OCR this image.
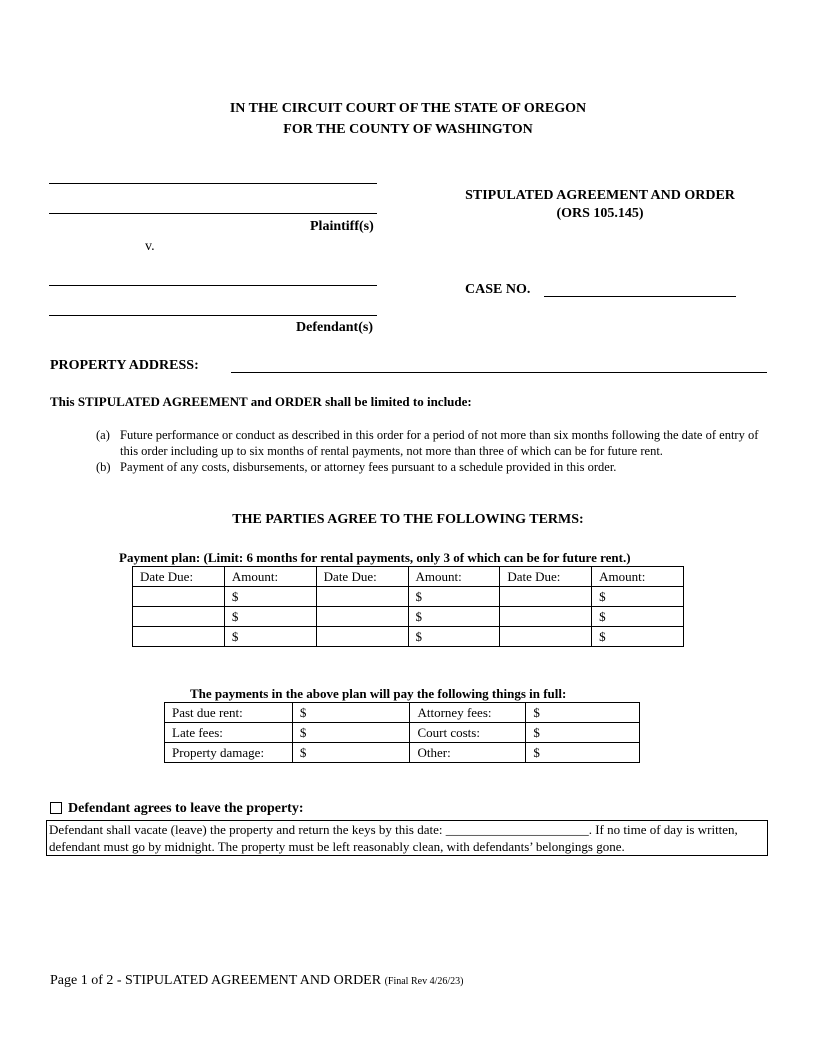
IN THE CIRCUIT COURT OF THE STATE OF OREGON
FOR THE COUNTY OF WASHINGTON
Plaintiff(s)
v.
Defendant(s)
STIPULATED AGREEMENT AND ORDER
(ORS 105.145)
CASE NO.
PROPERTY ADDRESS:
This STIPULATED AGREEMENT and ORDER shall be limited to include:
(a) Future performance or conduct as described in this order for a period of not more than six months following the date of entry of this order including up to six months of rental payments, not more than three of which can be for future rent.
(b) Payment of any costs, disbursements, or attorney fees pursuant to a schedule provided in this order.
THE PARTIES AGREE TO THE FOLLOWING TERMS:
Payment plan: (Limit: 6 months for rental payments, only 3 of which can be for future rent.)
Date Due:	Amount:	Date Due:	Amount:	Date Due:	Amount:
	$		$		$
	$		$		$
	$		$		$
The payments in the above plan will pay the following things in full:
Past due rent:	$	Attorney fees:	$
Late fees:	$	Court costs:	$
Property damage:	$	Other:	$
Defendant agrees to leave the property:
Defendant shall vacate (leave) the property and return the keys by this date: ______________________. If no time of day is written, defendant must go by midnight. The property must be left reasonably clean, with defendants’ belongings gone.
Page 1 of 2 - STIPULATED AGREEMENT AND ORDER (Final Rev 4/26/23)
